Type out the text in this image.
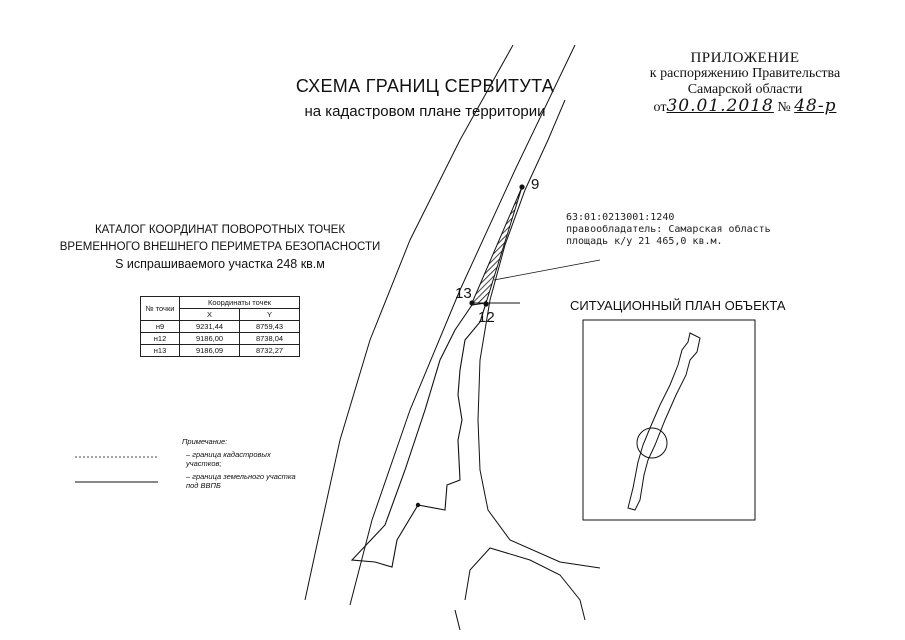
ПРИЛОЖЕНИЕ
к распоряжению Правительства
Самарской области
от30.01.2018 № 48-р
СХЕМА ГРАНИЦ СЕРВИТУТА
на кадастровом плане территории
КАТАЛОГ КООРДИНАТ ПОВОРОТНЫХ ТОЧЕК
ВРЕМЕННОГО ВНЕШНЕГО ПЕРИМЕТРА БЕЗОПАСНОСТИ
S испрашиваемого участка 248 кв.м
№ точки	Координаты точек	
	X	Y
н9	9231,44	8759,43
н12	9186,00	8738,04
н13	9186,09	8732,27
9
13
12
63:01:0213001:1240
правообладатель: Самарская область
площадь к/у 21 465,0 кв.м.
СИТУАЦИОННЫЙ ПЛАН ОБЪЕКТА
Примечание:
– граница кадастровых
участков;
– граница земельного участка
под ВВПБ
